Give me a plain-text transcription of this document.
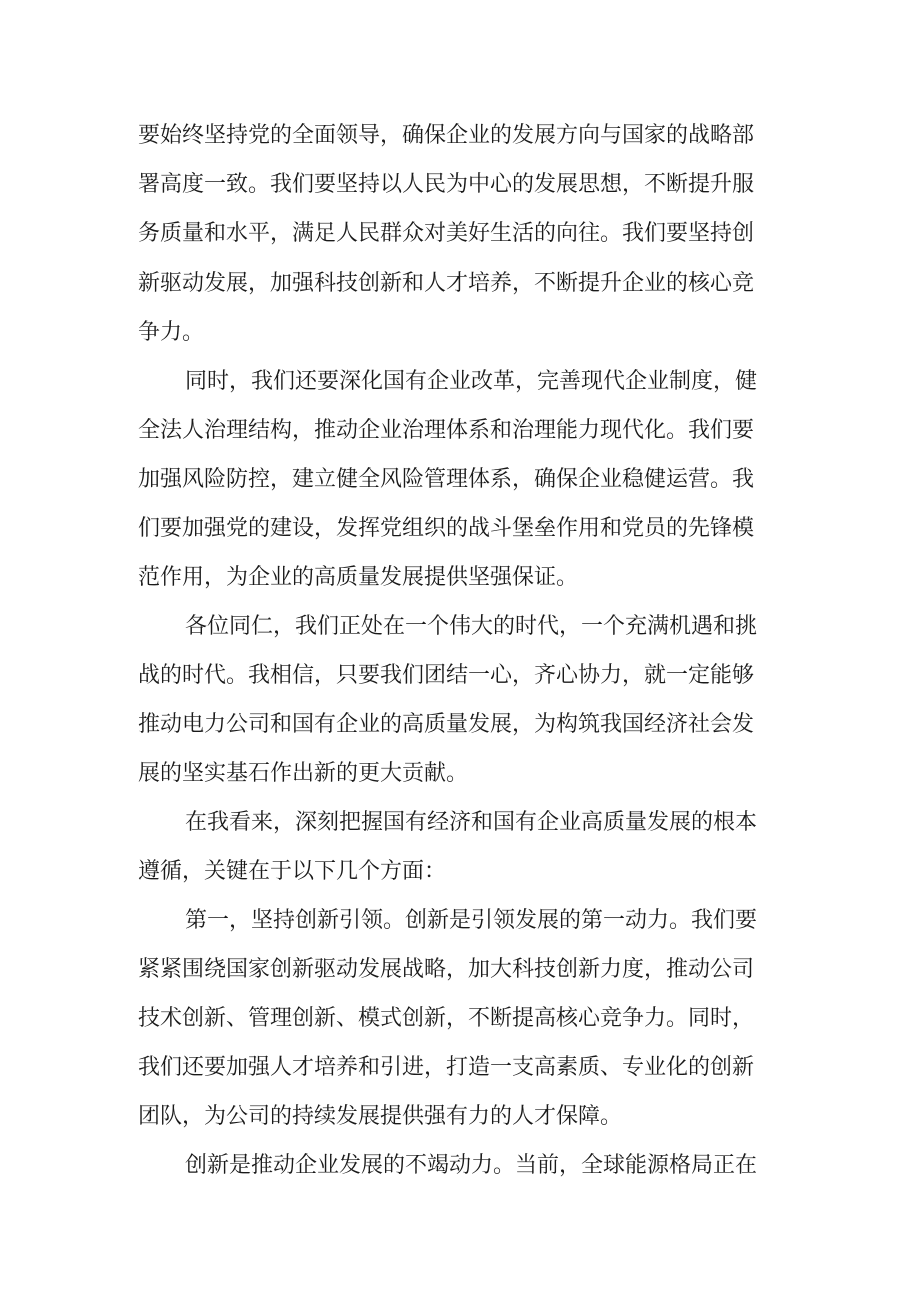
要始终坚持党的全面领导，确保企业的发展方向与国家的战略部
署高度一致。我们要坚持以人民为中心的发展思想，不断提升服
务质量和水平，满足人民群众对美好生活的向往。我们要坚持创
新驱动发展，加强科技创新和人才培养，不断提升企业的核心竞
争力。
同时，我们还要深化国有企业改革，完善现代企业制度，健
全法人治理结构，推动企业治理体系和治理能力现代化。我们要
加强风险防控，建立健全风险管理体系，确保企业稳健运营。我
们要加强党的建设，发挥党组织的战斗堡垒作用和党员的先锋模
范作用，为企业的高质量发展提供坚强保证。
各位同仁，我们正处在一个伟大的时代，一个充满机遇和挑
战的时代。我相信，只要我们团结一心，齐心协力，就一定能够
推动电力公司和国有企业的高质量发展，为构筑我国经济社会发
展的坚实基石作出新的更大贡献。
在我看来，深刻把握国有经济和国有企业高质量发展的根本
遵循，关键在于以下几个方面：
第一，坚持创新引领。创新是引领发展的第一动力。我们要
紧紧围绕国家创新驱动发展战略，加大科技创新力度，推动公司
技术创新、管理创新、模式创新，不断提高核心竞争力。同时，
我们还要加强人才培养和引进，打造一支高素质、专业化的创新
团队，为公司的持续发展提供强有力的人才保障。
创新是推动企业发展的不竭动力。当前，全球能源格局正在
